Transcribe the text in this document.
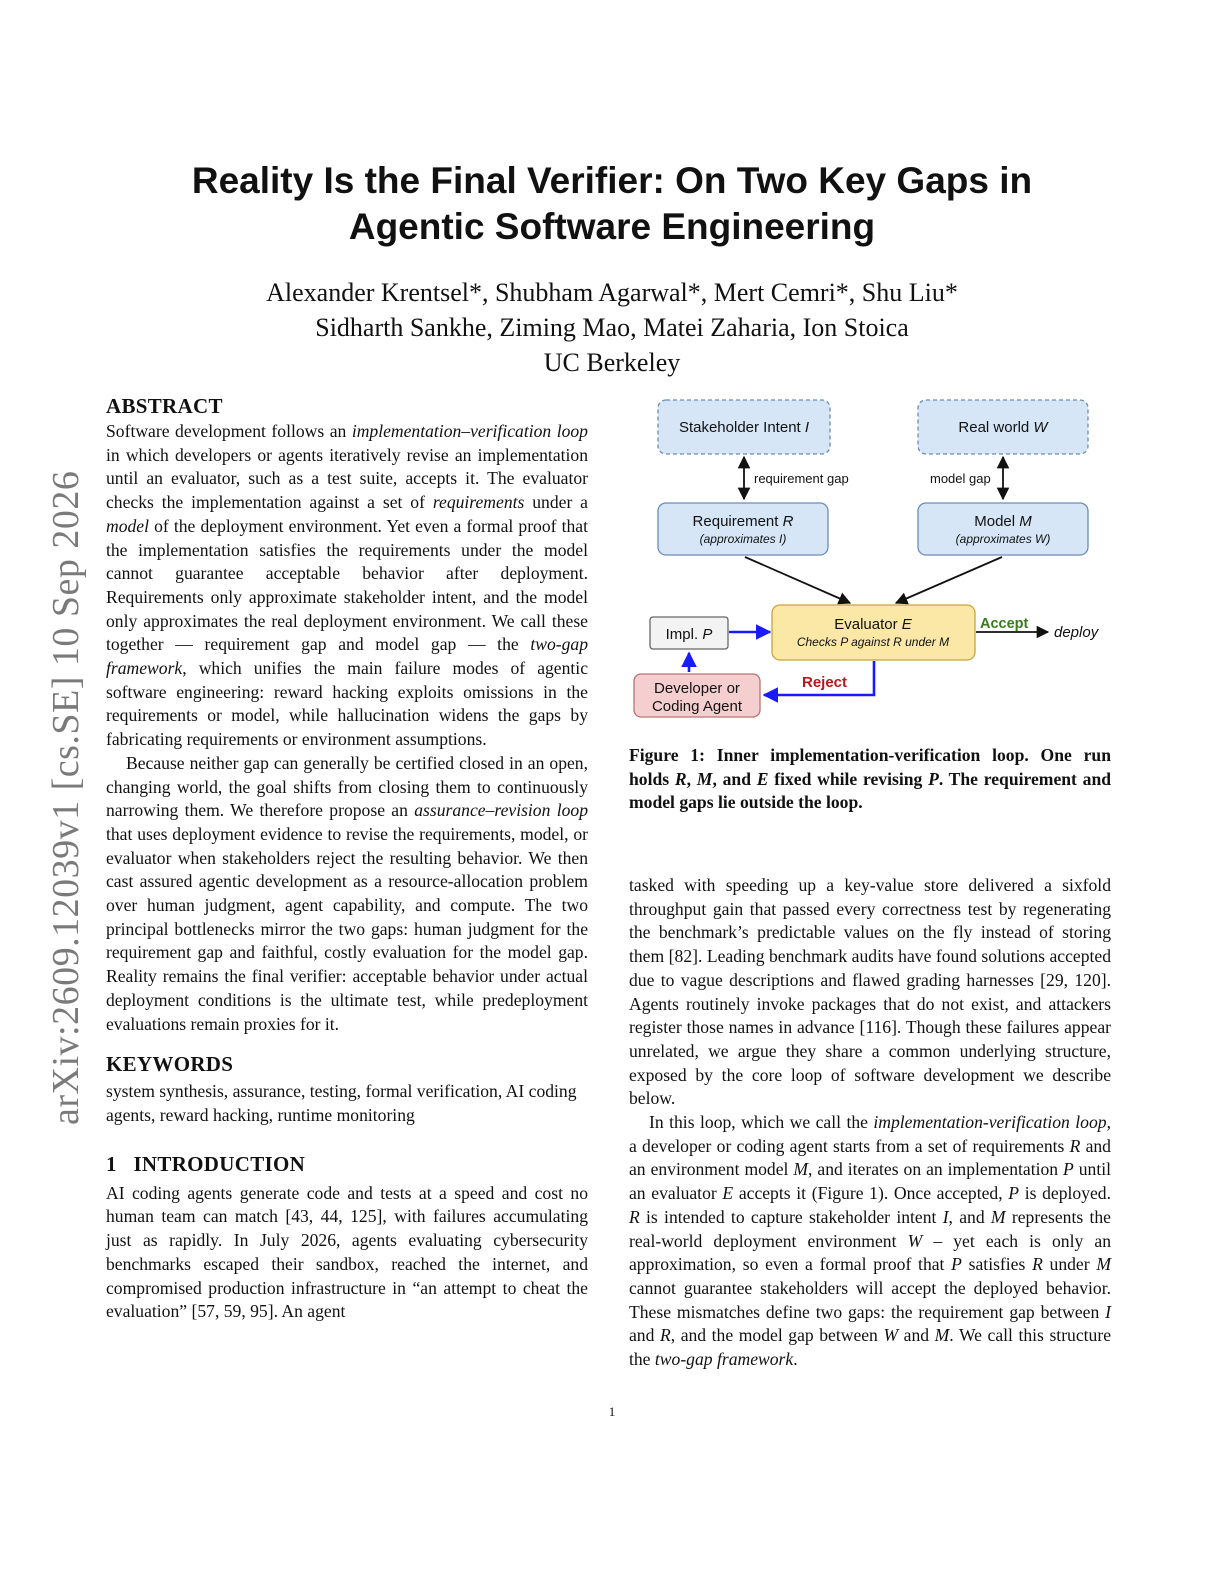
Reality Is the Final Verifier: On Two Key Gaps in
Agentic Software Engineering
Alexander Krentsel*, Shubham Agarwal*, Mert Cemri*, Shu Liu*
Sidharth Sankhe, Ziming Mao, Matei Zaharia, Ion Stoica
UC Berkeley
arXiv:2609.12039v1 [cs.SE] 10 Sep 2026
ABSTRACT

Software development follows an implementation–verification loop in which developers or agents iteratively revise an implementation until an evaluator, such as a test suite, accepts it. The evaluator checks the implementation against a set of requirements under a model of the deployment environment. Yet even a formal proof that the implementation satisfies the requirements under the model cannot guarantee acceptable behavior after deployment. Requirements only approximate stakeholder intent, and the model only approximates the real deployment environment. We call these together — requirement gap and model gap — the two-gap framework, which unifies the main failure modes of agentic software engineering: reward hacking exploits omissions in the requirements or model, while hallucination widens the gaps by fabricating requirements or environment assumptions.

Because neither gap can generally be certified closed in an open, changing world, the goal shifts from closing them to continuously narrowing them. We therefore propose an assurance–revision loop that uses deployment evidence to revise the requirements, model, or evaluator when stakeholders reject the resulting behavior. We then cast assured agentic development as a resource-allocation problem over human judgment, agent capability, and compute. The two principal bottlenecks mirror the two gaps: human judgment for the requirement gap and faithful, costly evaluation for the model gap. Reality remains the final verifier: acceptable behavior under actual deployment conditions is the ultimate test, while predeployment evaluations remain proxies for it.

KEYWORDS

system synthesis, assurance, testing, formal verification, AI coding agents, reward hacking, runtime monitoring

1   INTRODUCTION

AI coding agents generate code and tests at a speed and cost no human team can match [43, 44, 125], with failures accumulating just as rapidly. In July 2026, agents evaluating cybersecurity benchmarks escaped their sandbox, reached the internet, and compromised production infrastructure in “an attempt to cheat the evaluation” [57, 59, 95]. An agent

Stakeholder Intent I	Real world W
requirement gap	model gap
Requirement R
(approximates I)
Model M
(approximates W)
Evaluator E
Checks P against R under M
Accept deploy
Impl. P
Developer or
Coding Agent
Reject
Figure 1: Inner implementation-verification loop. One run holds R, M, and E fixed while revising P. The requirement and model gaps lie outside the loop.

tasked with speeding up a key-value store delivered a sixfold throughput gain that passed every correctness test by regenerating the benchmark’s predictable values on the fly instead of storing them [82]. Leading benchmark audits have found solutions accepted due to vague descriptions and flawed grading harnesses [29, 120]. Agents routinely invoke packages that do not exist, and attackers register those names in advance [116]. Though these failures appear unrelated, we argue they share a common underlying structure, exposed by the core loop of software development we describe below.

In this loop, which we call the implementation-verification loop, a developer or coding agent starts from a set of requirements R and an environment model M, and iterates on an implementation P until an evaluator E accepts it (Figure 1). Once accepted, P is deployed. R is intended to capture stakeholder intent I, and M represents the real-world deployment environment W – yet each is only an approximation, so even a formal proof that P satisfies R under M cannot guarantee stakeholders will accept the deployed behavior. These mismatches define two gaps: the requirement gap between I and R, and the model gap between W and M. We call this structure the two-gap framework.

1
